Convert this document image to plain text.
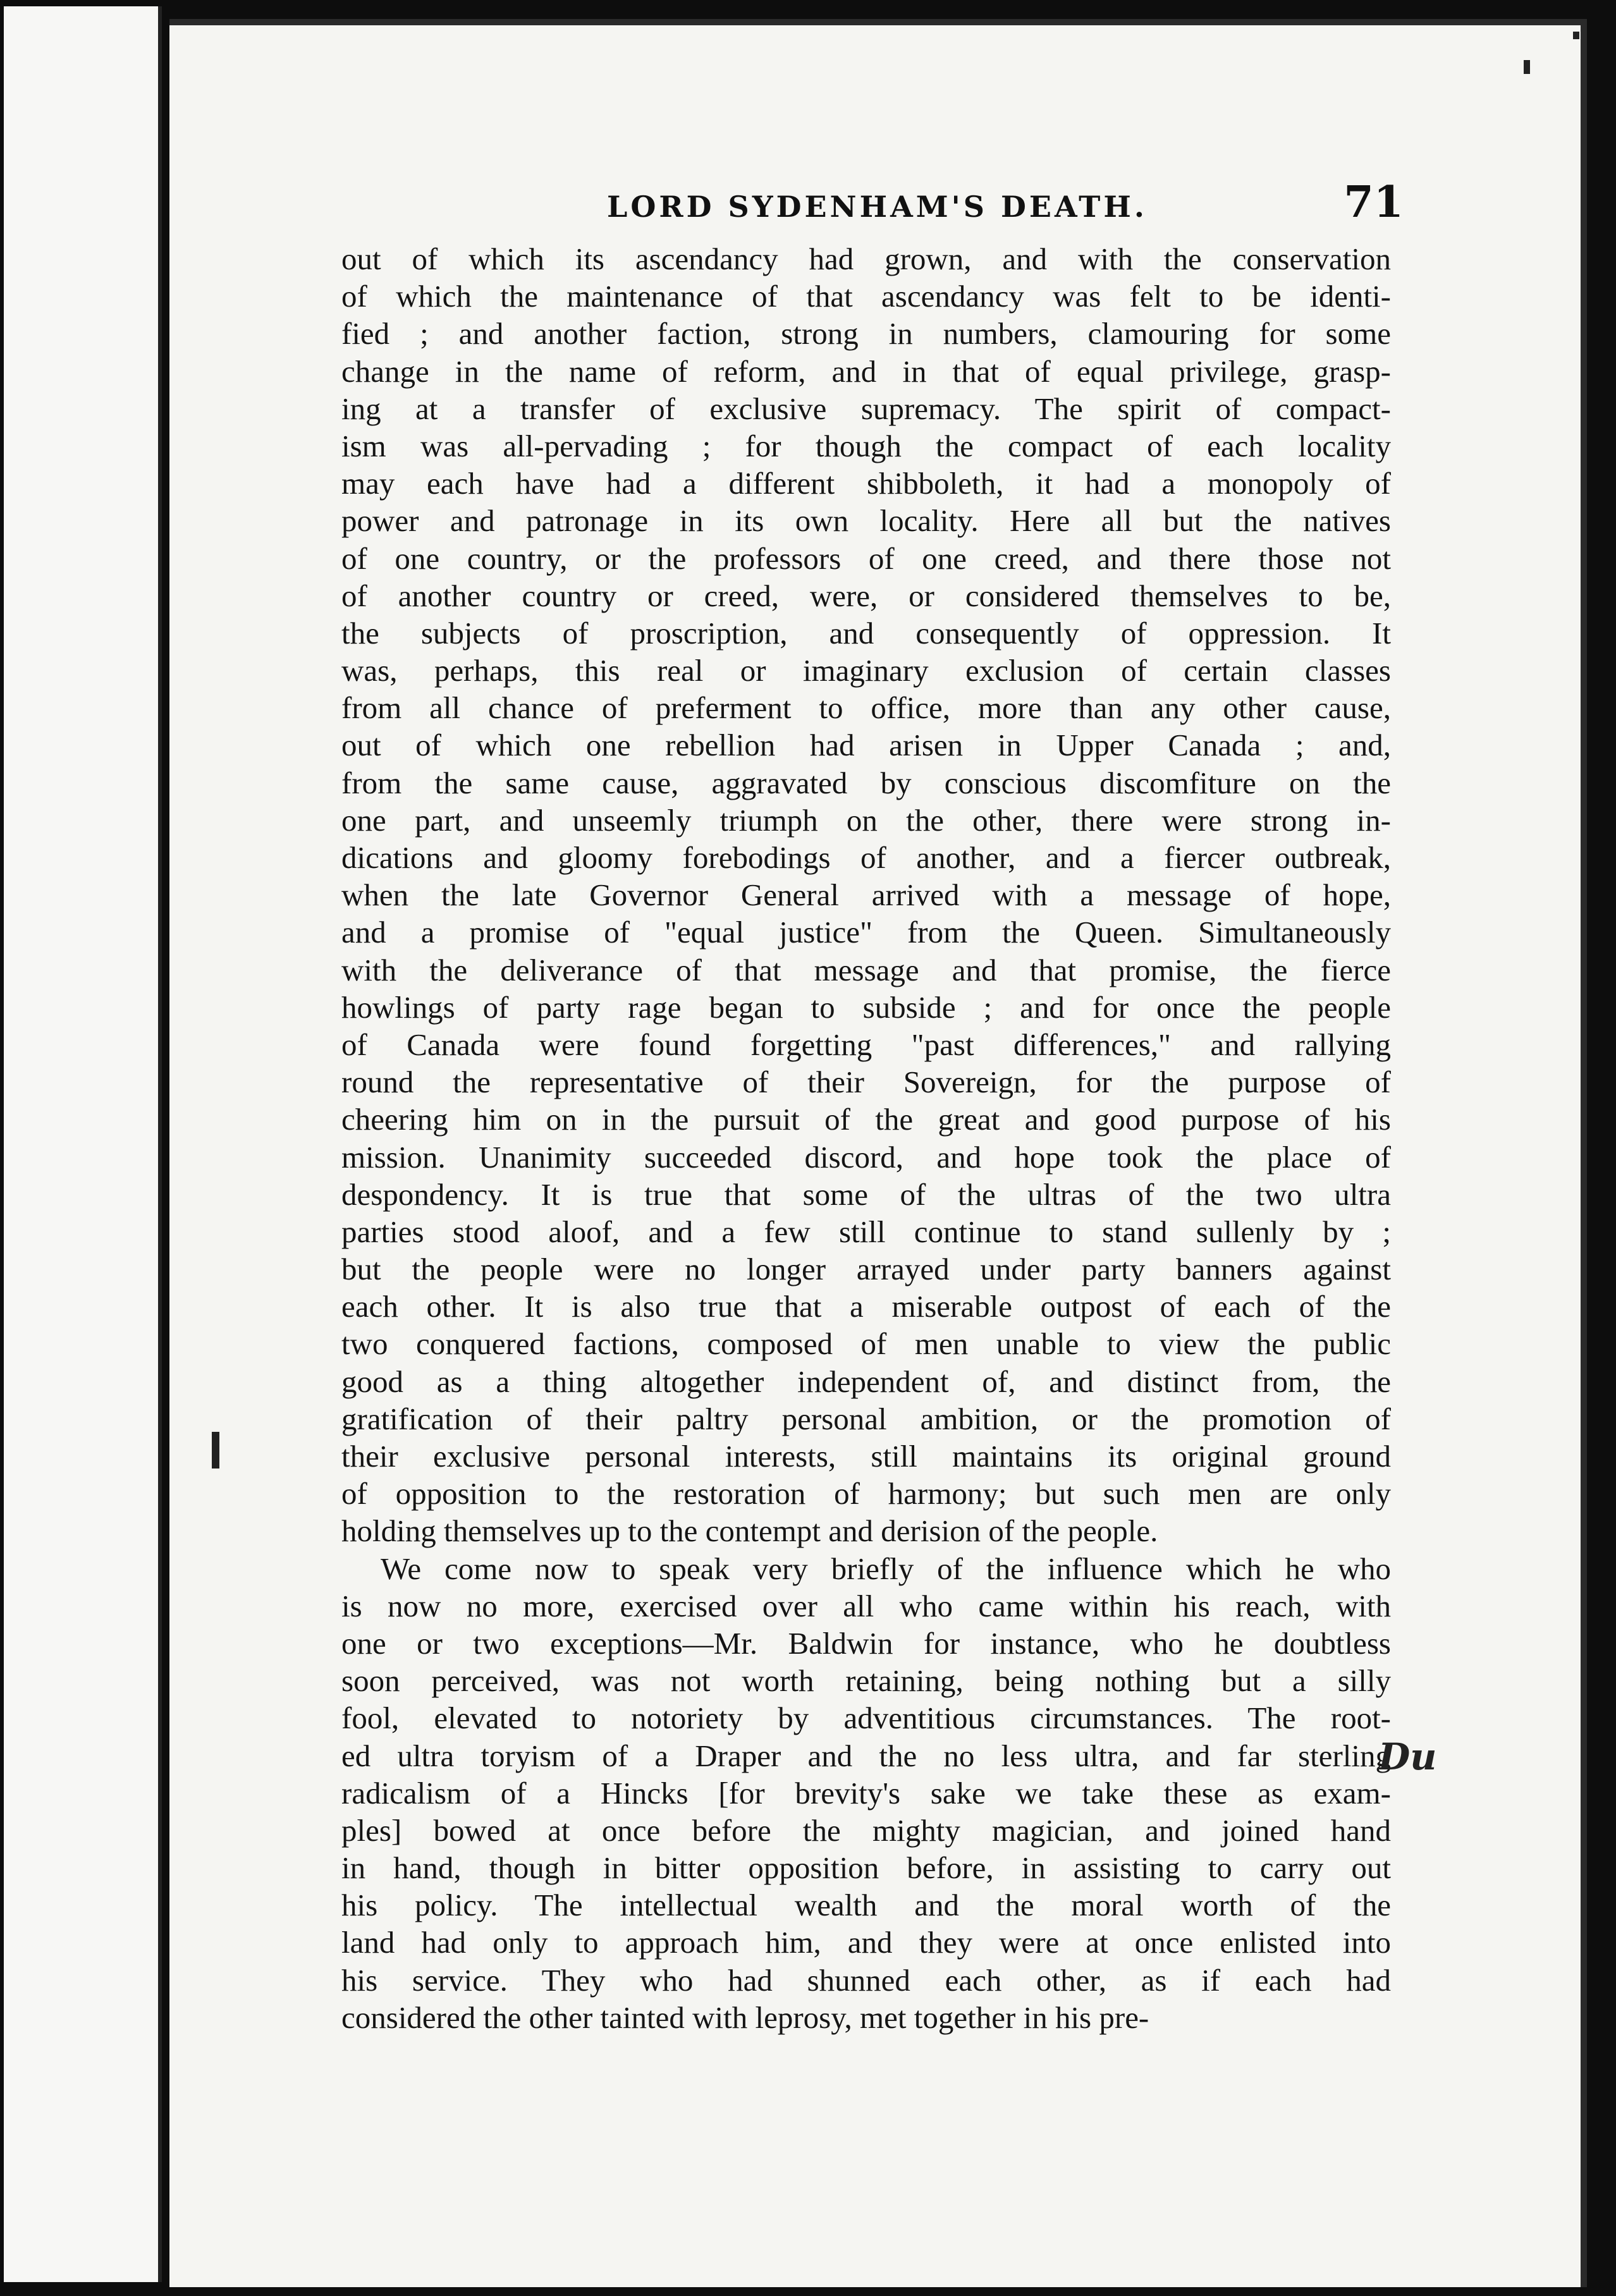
LORD SYDENHAM'S DEATH.	71
out of which its ascendancy had grown, and with the conservation
of which the maintenance of that ascendancy was felt to be identi-
fied ; and another faction, strong in numbers, clamouring for some
change in the name of reform, and in that of equal privilege, grasp-
ing at a transfer of exclusive supremacy. The spirit of compact-
ism was all-pervading ; for though the compact of each locality
may each have had a different shibboleth, it had a monopoly of
power and patronage in its own locality. Here all but the natives
of one country, or the professors of one creed, and there those not
of another country or creed, were, or considered themselves to be,
the subjects of proscription, and consequently of oppression. It
was, perhaps, this real or imaginary exclusion of certain classes
from all chance of preferment to office, more than any other cause,
out of which one rebellion had arisen in Upper Canada ; and,
from the same cause, aggravated by conscious discomfiture on the
one part, and unseemly triumph on the other, there were strong in-
dications and gloomy forebodings of another, and a fiercer outbreak,
when the late Governor General arrived with a message of hope,
and a promise of "equal justice" from the Queen. Simultaneously
with the deliverance of that message and that promise, the fierce
howlings of party rage began to subside ; and for once the people
of Canada were found forgetting "past differences," and rallying
round the representative of their Sovereign, for the purpose of
cheering him on in the pursuit of the great and good purpose of his
mission. Unanimity succeeded discord, and hope took the place of
despondency. It is true that some of the ultras of the two ultra
parties stood aloof, and a few still continue to stand sullenly by ;
but the people were no longer arrayed under party banners against
each other. It is also true that a miserable outpost of each of the
two conquered factions, composed of men unable to view the public
good as a thing altogether independent of, and distinct from, the
gratification of their paltry personal ambition, or the promotion of
their exclusive personal interests, still maintains its original ground
of opposition to the restoration of harmony; but such men are only
holding themselves up to the contempt and derision of the people.
We come now to speak very briefly of the influence which he who
is now no more, exercised over all who came within his reach, with
one or two exceptions—Mr. Baldwin for instance, who he doubtless
soon perceived, was not worth retaining, being nothing but a silly
fool, elevated to notoriety by adventitious circumstances. The root-
ed ultra toryism of a Draper and the no less ultra, and far sterling
radicalism of a Hincks [for brevity's sake we take these as exam-
ples] bowed at once before the mighty magician, and joined hand
in hand, though in bitter opposition before, in assisting to carry out
his policy. The intellectual wealth and the moral worth of the
land had only to approach him, and they were at once enlisted into
his service. They who had shunned each other, as if each had
considered the other tainted with leprosy, met together in his pre-
Du
